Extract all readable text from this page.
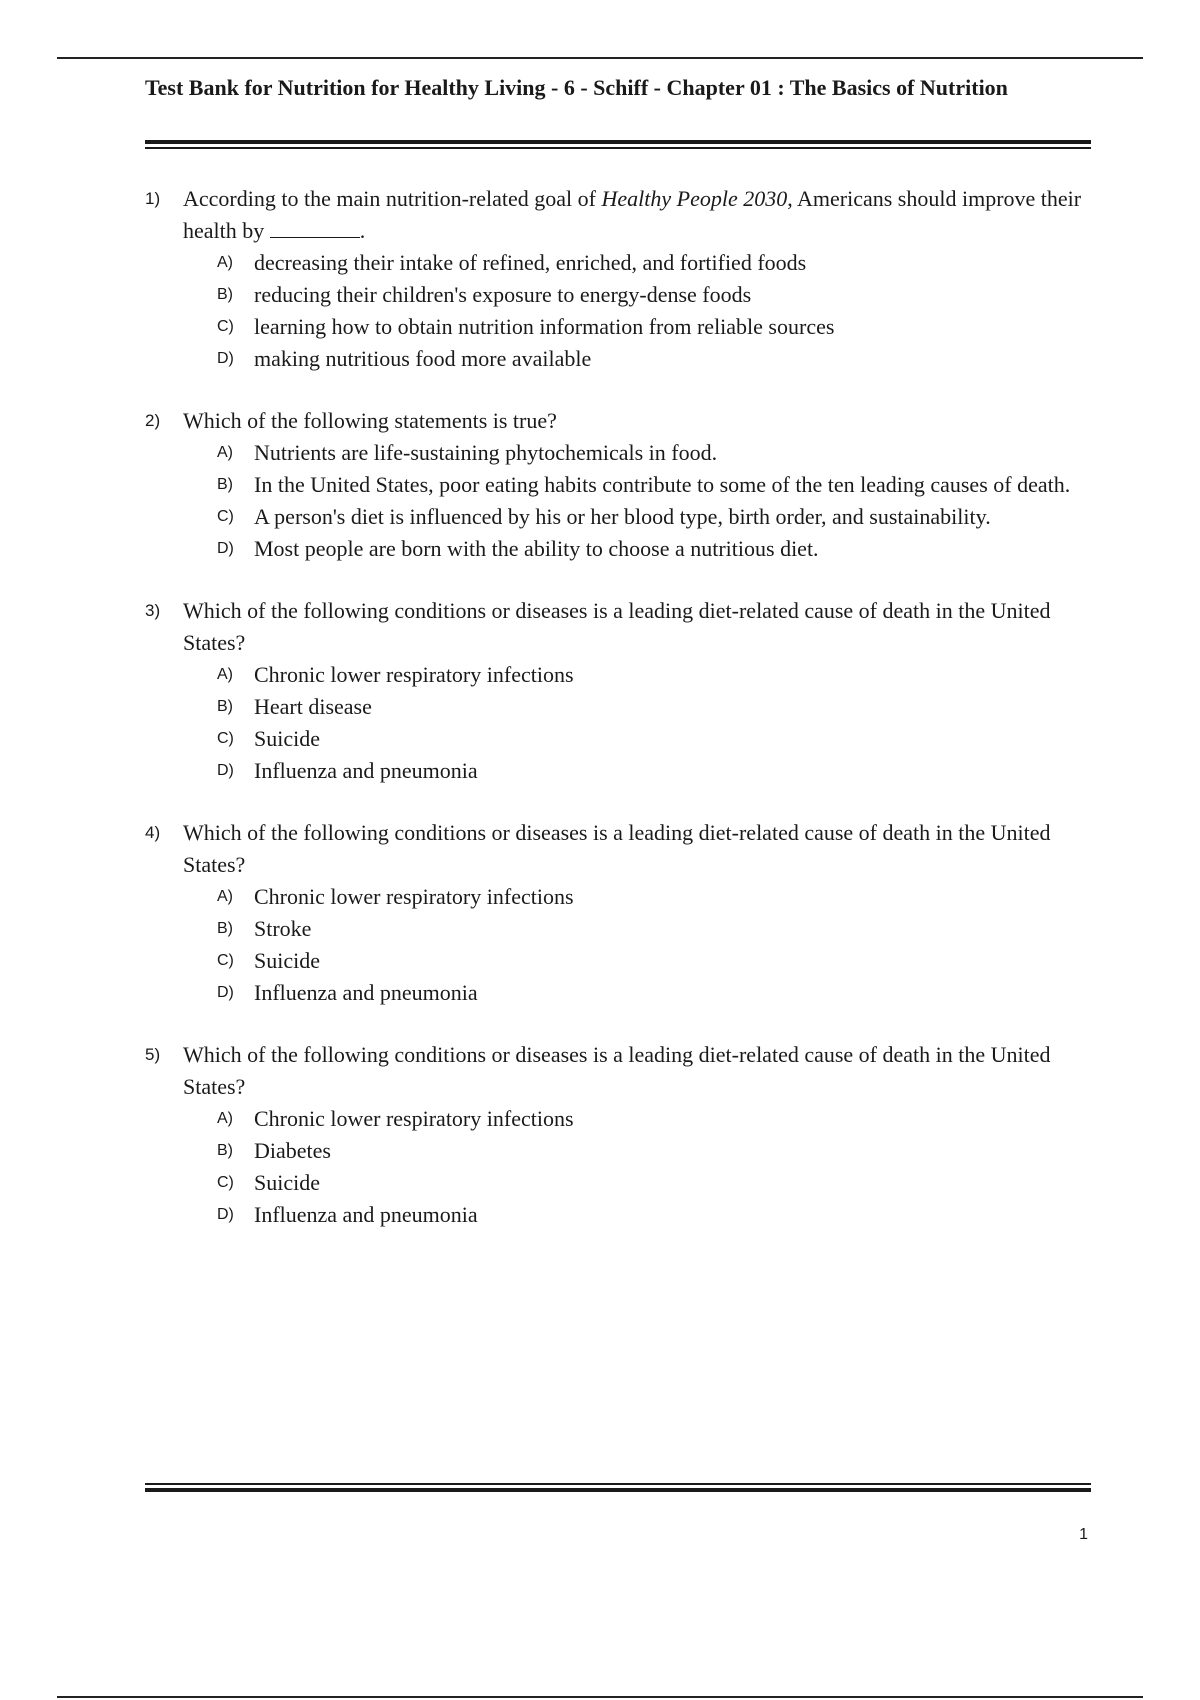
Test Bank for Nutrition for Healthy Living - 6 - Schiff - Chapter 01 : The Basics of Nutrition
1)	According to the main nutrition-related goal of Healthy People 2030, Americans should improve their health by	.
A) decreasing their intake of refined, enriched, and fortified foods
B) reducing their children's exposure to energy-dense foods
C) learning how to obtain nutrition information from reliable sources
D) making nutritious food more available
2)	Which of the following statements is true?
A) Nutrients are life-sustaining phytochemicals in food.
B) In the United States, poor eating habits contribute to some of the ten leading causes of death.
C) A person's diet is influenced by his or her blood type, birth order, and sustainability.
D) Most people are born with the ability to choose a nutritious diet.
3)	Which of the following conditions or diseases is a leading diet-related cause of death in the United States?
A) Chronic lower respiratory infections
B) Heart disease
C) Suicide
D) Influenza and pneumonia
4)	Which of the following conditions or diseases is a leading diet-related cause of death in the United States?
A) Chronic lower respiratory infections
B) Stroke
C) Suicide
D) Influenza and pneumonia
5)	Which of the following conditions or diseases is a leading diet-related cause of death in the United States?
A) Chronic lower respiratory infections
B) Diabetes
C) Suicide
D) Influenza and pneumonia
1
